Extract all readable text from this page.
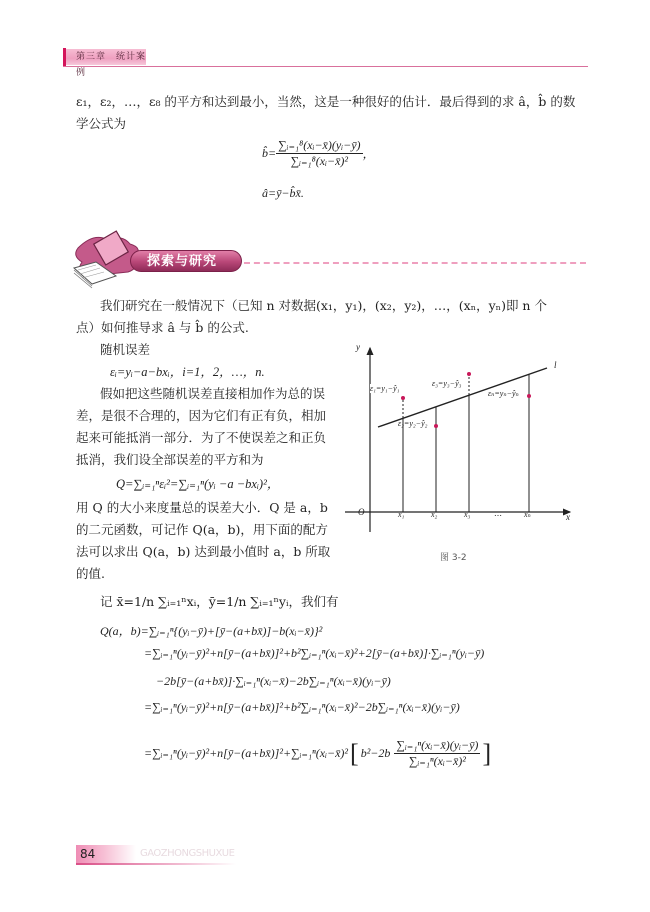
第三章　统计案例
ε₁，ε₂，…，ε₈ 的平方和达到最小，当然，这是一种很好的估计．最后得到的求 â，b̂ 的数
学公式为
b̂= $\frac{\text{∑ᵢ₌₁⁸(xᵢ−x̄)(yᵢ−ȳ)}}{\text{∑ᵢ₌₁⁸(xᵢ−x̄)²}}$ ，
â=ȳ−b̂x̄.
探索与研究
我们研究在一般情况下（已知 n 对数据(x₁，y₁)，(x₂，y₂)，…，(xₙ，yₙ)即 n 个
点）如何推导求 â 与 b̂ 的公式.
随机误差
εᵢ=yᵢ−a−bxᵢ，i=1，2，…，n.
假如把这些随机误差直接相加作为总的误
差，是很不合理的，因为它们有正有负，相加
起来可能抵消一部分．为了不使误差之和正负
抵消，我们设全部误差的平方和为
Q=∑ᵢ₌₁ⁿεᵢ²=∑ᵢ₌₁ⁿ(yᵢ −a −bxᵢ)²，
用 Q 的大小来度量总的误差大小．Q 是 a，b
的二元函数，可记作 Q(a，b)，用下面的配方
法可以求出 Q(a，b) 达到最小值时 a，b 所取
的值.
记 x̄=1/n ∑ᵢ₌₁ⁿxᵢ，ȳ=1/n ∑ᵢ₌₁ⁿyᵢ，我们有
y
x
O
l
x₁	x₂	x₃	…	xₙ
ε₁=y₁−ŷ₁
ε₂=y₂−ŷ₂
ε₃=y₃−ŷ₃
εₙ=yₙ−ŷₙ
图 3-2
Q(a，b)=∑ᵢ₌₁ⁿ{(yᵢ−ȳ)+[ȳ−(a+bx̄)]−b(xᵢ−x̄)}²
=∑ᵢ₌₁ⁿ(yᵢ−ȳ)²+n[ȳ−(a+bx̄)]²+b²∑ᵢ₌₁ⁿ(xᵢ−x̄)²+2[ȳ−(a+bx̄)]·∑ᵢ₌₁ⁿ(yᵢ−ȳ)
−2b[ȳ−(a+bx̄)]·∑ᵢ₌₁ⁿ(xᵢ−x̄)−2b∑ᵢ₌₁ⁿ(xᵢ−x̄)(yᵢ−ȳ)
=∑ᵢ₌₁ⁿ(yᵢ−ȳ)²+n[ȳ−(a+bx̄)]²+b²∑ᵢ₌₁ⁿ(xᵢ−x̄)²−2b∑ᵢ₌₁ⁿ(xᵢ−x̄)(yᵢ−ȳ)
=∑ᵢ₌₁ⁿ(yᵢ−ȳ)²+n[ȳ−(a+bx̄)]²+∑ᵢ₌₁ⁿ(xᵢ−x̄)² [ $b^2-2b \frac{\text{∑ᵢ₌₁ⁿ(xᵢ−x̄)(yᵢ−ȳ)}}{\text{∑ᵢ₌₁ⁿ(xᵢ−x̄)²}}$ ]
84	GAOZHONGSHUXUE
